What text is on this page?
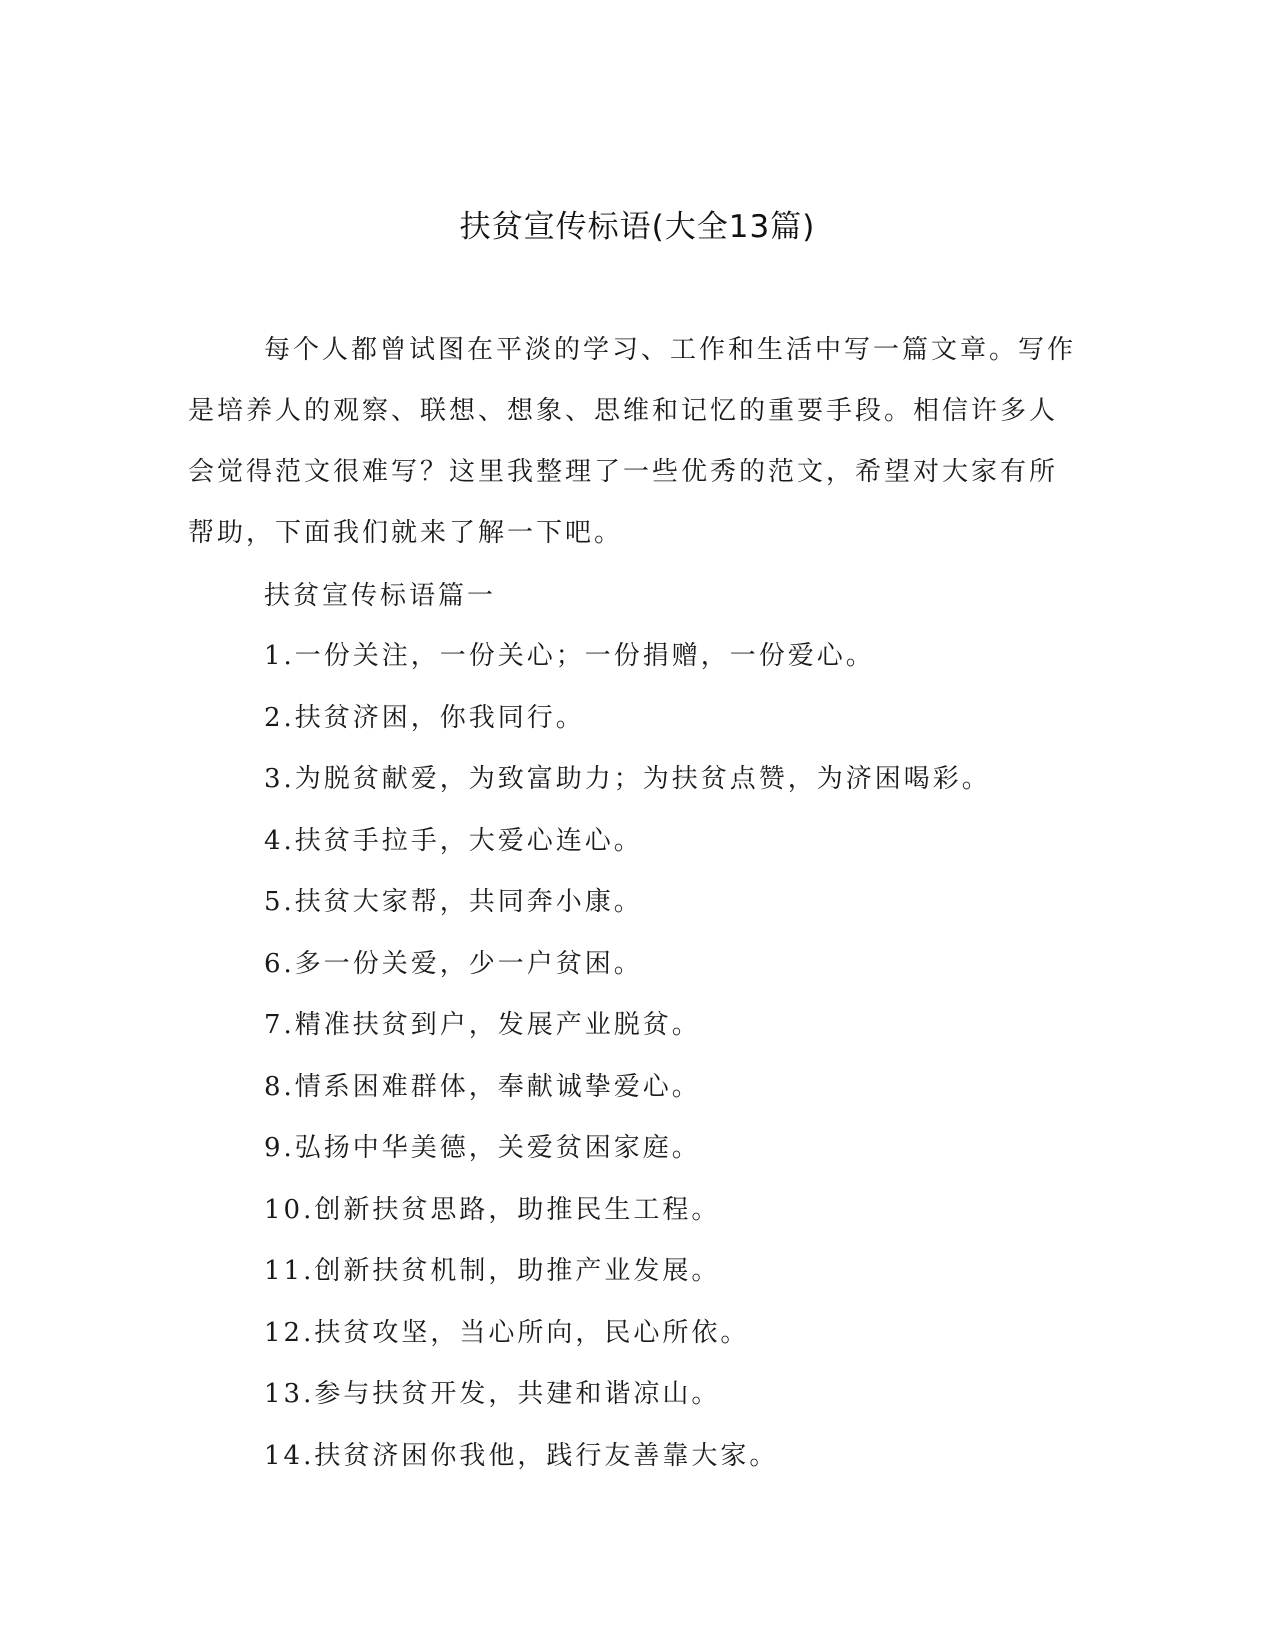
扶贫宣传标语(大全13篇)

每个人都曾试图在平淡的学习、工作和生活中写一篇文章。写作是培养人的观察、联想、想象、思维和记忆的重要手段。相信许多人会觉得范文很难写？这里我整理了一些优秀的范文，希望对大家有所帮助，下面我们就来了解一下吧。

扶贫宣传标语篇一
1.一份关注，一份关心；一份捐赠，一份爱心。
2.扶贫济困，你我同行。
3.为脱贫献爱，为致富助力；为扶贫点赞，为济困喝彩。
4.扶贫手拉手，大爱心连心。
5.扶贫大家帮，共同奔小康。
6.多一份关爱，少一户贫困。
7.精准扶贫到户，发展产业脱贫。
8.情系困难群体，奉献诚挚爱心。
9.弘扬中华美德，关爱贫困家庭。
10.创新扶贫思路，助推民生工程。
11.创新扶贫机制，助推产业发展。
12.扶贫攻坚，当心所向，民心所依。
13.参与扶贫开发，共建和谐凉山。
14.扶贫济困你我他，践行友善靠大家。
